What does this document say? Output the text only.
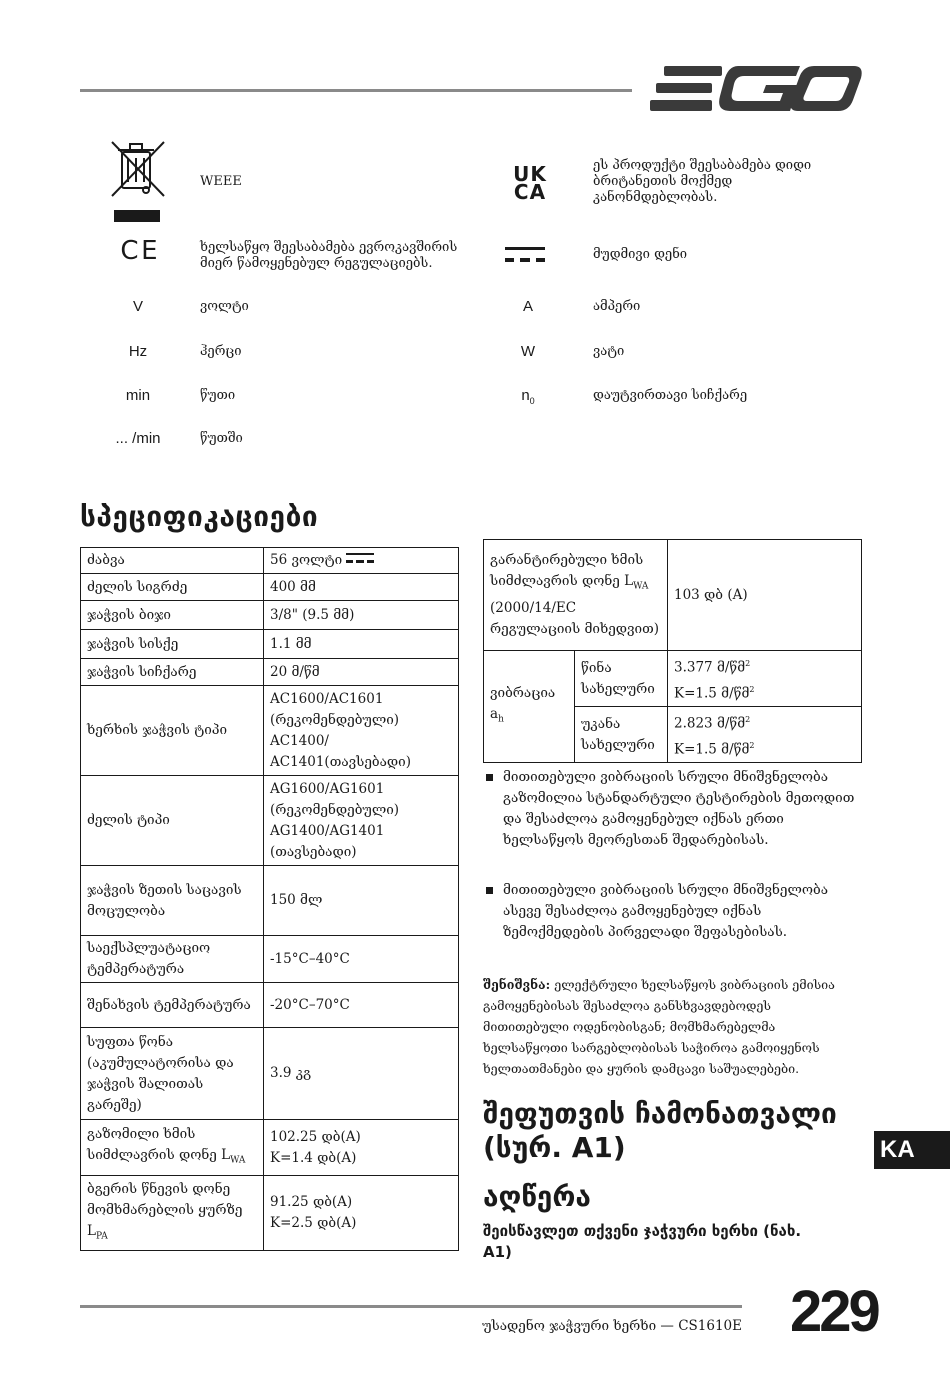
WEEE
C E	ხელსაწყო შეესაბამება ევროკავშირის მიერ წამოყენებულ რეგულაციებს.
V	ვოლტი
Hz	ჰერცი
min	წუთი
... /min	წუთში
UK
CA
ეს პროდუქტი შეესაბამება დიდი ბრიტანეთის მოქმედ კანონმდებლობას.
მუდმივი დენი
A	ამპერი
W	ვატი
$n_0$	დაუტვირთავი სიჩქარე
სპეციფიკაციები
ძაბვა	56 ვოლტი
ძელის სიგრძე	400 მმ
ჯაჭვის ბიჯი	3/8" (9.5 მმ)
ჯაჭვის სისქე	1.1 მმ
ჯაჭვის სიჩქარე	20 მ/წმ
ხერხის ჯაჭვის ტიპი	AC1600/AC1601 (რეკომენდებული) AC1400/ AC1401(თავსებადი)
ძელის ტიპი	AG1600/AG1601 (რეკომენდებული) AG1400/AG1401 (თავსებადი)
ჯაჭვის ზეთის საცავის მოცულობა	150 მლ
საექსპლუატაციო ტემპერატურა	-15°C–40°C
შენახვის ტემპერატურა	-20°C–70°C
სუფთა წონა (აკუმულატორისა და ჯაჭვის შალითას გარეშე)	3.9 კგ
გაზომილი ხმის სიმძლავრის დონე $L_{WA}$	102.25 დბ(A)
K=1.4 დბ(A)
ბგერის წნევის დონე მომხმარებლის ყურზე $L_{PA}$	91.25 დბ(A)
K=2.5 დბ(A)
გარანტირებული ხმის სიმძლავრის დონე $L_{WA}$ (2000/14/EC რეგულაციის მიხედვით)		103 დბ (A)
ვიბრაცია $a_h$	წინა სახელური	3.377 მ/წმ$^2$
K=1.5 მ/წმ$^2$
	უკანა სახელური	2.823 მ/წმ$^2$
K=1.5 მ/წმ$^2$
მითითებული ვიბრაციის სრული მნიშვნელობა გაზომილია სტანდარტული ტესტირების მეთოდით და შესაძლოა გამოყენებულ იქნას ერთი ხელსაწყოს მეორესთან შედარებისას.
მითითებული ვიბრაციის სრული მნიშვნელობა ასევე შესაძლოა გამოყენებულ იქნას ზემოქმედების პირველადი შეფასებისას.
შენიშვნა: ელექტრული ხელსაწყოს ვიბრაციის ემისია გამოყენებისას შესაძლოა განსხვავდებოდეს მითითებული ოდენობისგან; მომხმარებელმა ხელსაწყოთი სარგებლობისას საჭიროა გამოიყენოს ხელთათმანები და ყურის დამცავი საშუალებები.
შეფუთვის ჩამონათვალი (სურ. A1)
აღწერა
შეისწავლეთ თქვენი ჯაჭვური ხერხი (ნახ. A1)
KA
უსადენო ჯაჭვური ხერხი — CS1610E 229
